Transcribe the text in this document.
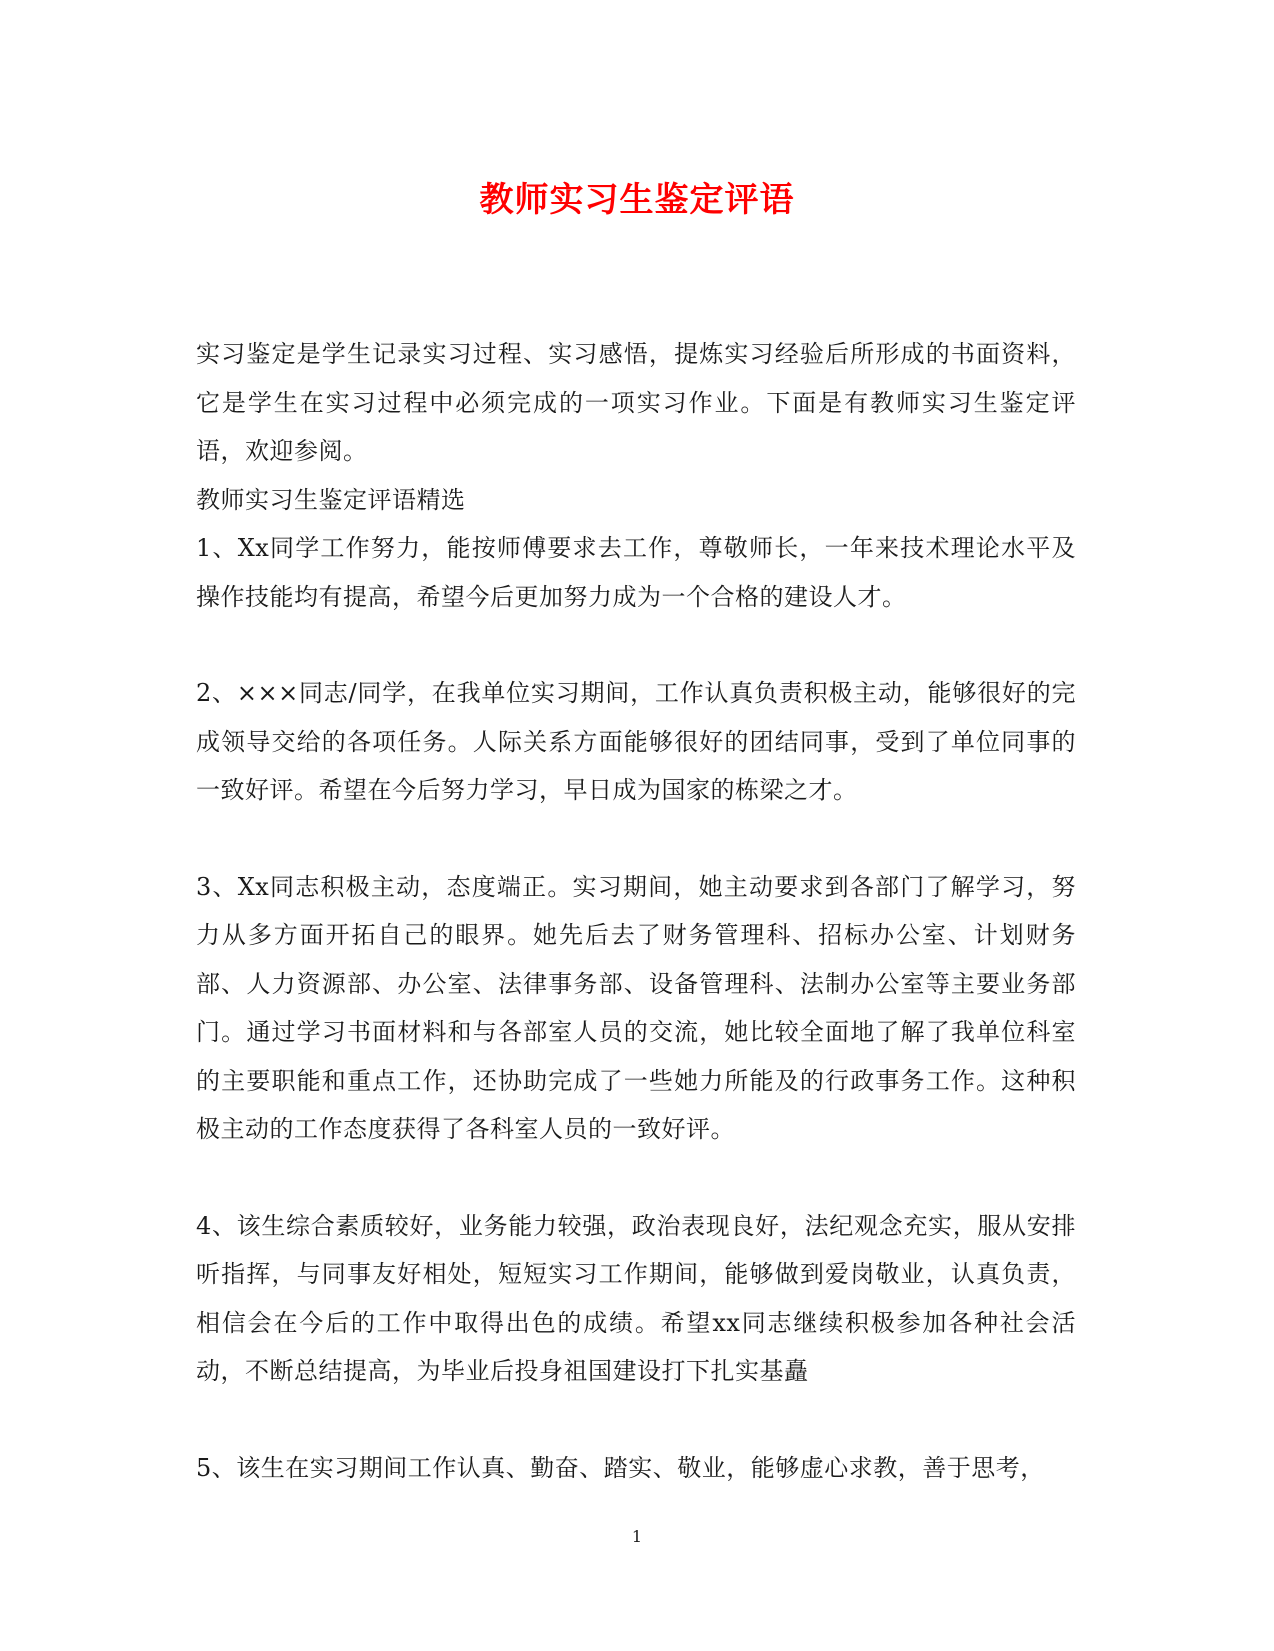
教师实习生鉴定评语

实习鉴定是学生记录实习过程、实习感悟，提炼实习经验后所形成的书面资料，它是学生在实习过程中必须完成的一项实习作业。下面是有教师实习生鉴定评语，欢迎参阅。

教师实习生鉴定评语精选

1、Xx同学工作努力，能按师傅要求去工作，尊敬师长，一年来技术理论水平及操作技能均有提高，希望今后更加努力成为一个合格的建设人才。

2、×××同志/同学，在我单位实习期间，工作认真负责积极主动，能够很好的完成领导交给的各项任务。人际关系方面能够很好的团结同事，受到了单位同事的一致好评。希望在今后努力学习，早日成为国家的栋梁之才。

3、Xx同志积极主动，态度端正。实习期间，她主动要求到各部门了解学习，努力从多方面开拓自己的眼界。她先后去了财务管理科、招标办公室、计划财务部、人力资源部、办公室、法律事务部、设备管理科、法制办公室等主要业务部门。通过学习书面材料和与各部室人员的交流，她比较全面地了解了我单位科室的主要职能和重点工作，还协助完成了一些她力所能及的行政事务工作。这种积极主动的工作态度获得了各科室人员的一致好评。

4、该生综合素质较好，业务能力较强，政治表现良好，法纪观念充实，服从安排听指挥，与同事友好相处，短短实习工作期间，能够做到爱岗敬业，认真负责，相信会在今后的工作中取得出色的成绩。希望xx同志继续积极参加各种社会活动，不断总结提高，为毕业后投身祖国建设打下扎实基矗

5、该生在实习期间工作认真、勤奋、踏实、敬业，能够虚心求教，善于思考，

1
